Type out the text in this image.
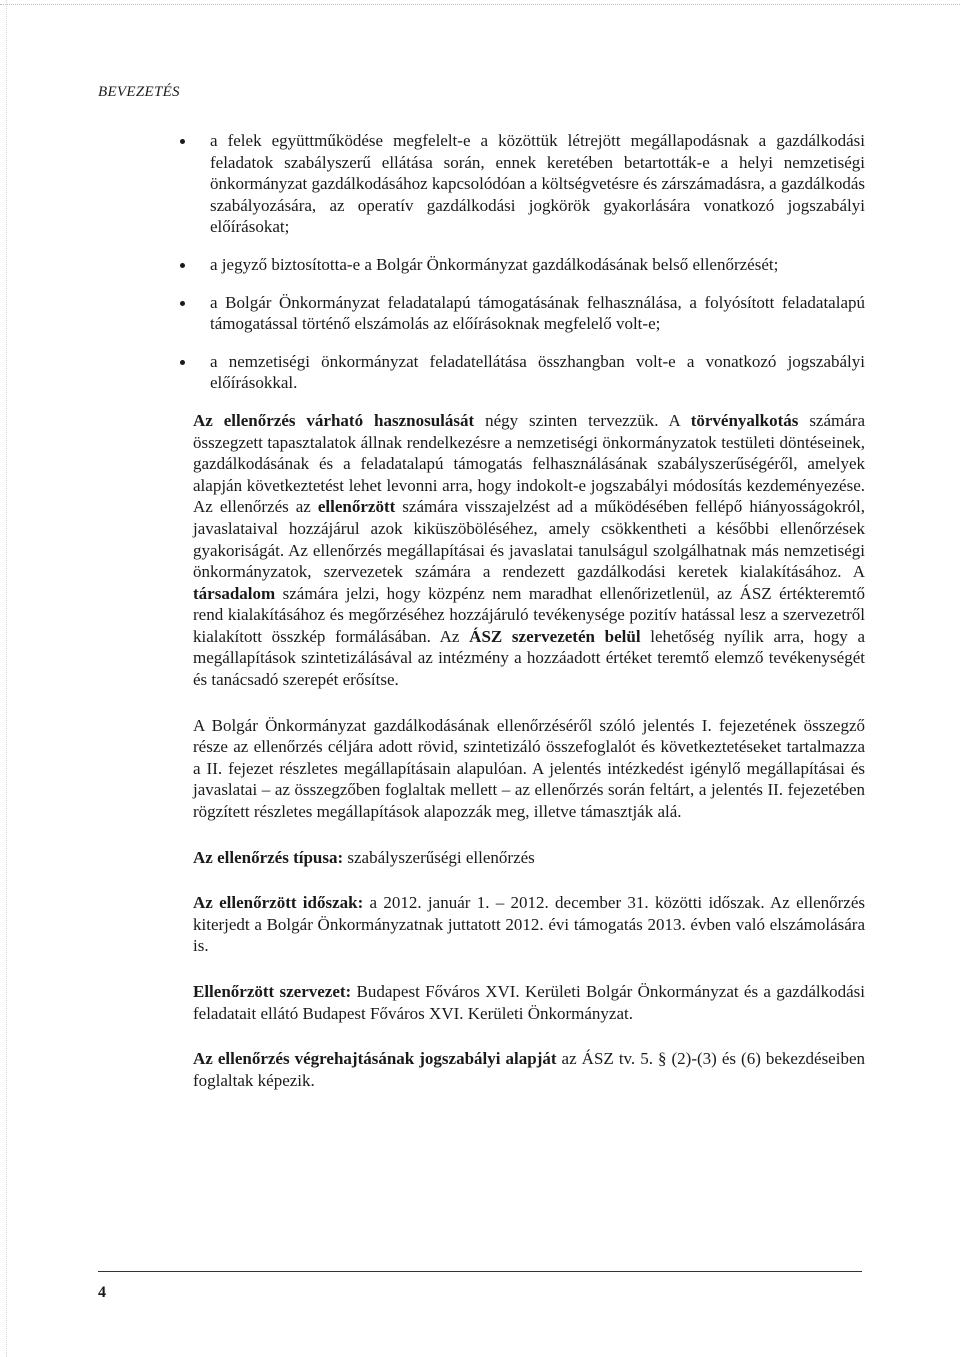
BEVEZETÉS
a felek együttműködése megfelelt-e a közöttük létrejött megállapodásnak a gazdálkodási feladatok szabályszerű ellátása során, ennek keretében betartották-e a helyi nemzetiségi önkormányzat gazdálkodásához kapcsolódóan a költségvetésre és zárszámadásra, a gazdálkodás szabályozására, az operatív gazdálkodási jogkörök gyakorlására vonatkozó jogszabályi előírásokat;
a jegyző biztosította-e a Bolgár Önkormányzat gazdálkodásának belső ellenőrzését;
a Bolgár Önkormányzat feladatalapú támogatásának felhasználása, a folyósított feladatalapú támogatással történő elszámolás az előírásoknak megfelelő volt-e;
a nemzetiségi önkormányzat feladatellátása összhangban volt-e a vonatkozó jogszabályi előírásokkal.

Az ellenőrzés várható hasznosulását négy szinten tervezzük. A törvényalkotás számára összegzett tapasztalatok állnak rendelkezésre a nemzetiségi önkormányzatok testületi döntéseinek, gazdálkodásának és a feladatalapú támogatás felhasználásának szabályszerűségéről, amelyek alapján következtetést lehet levonni arra, hogy indokolt-e jogszabályi módosítás kezdeményezése. Az ellenőrzés az ellenőrzött számára visszajelzést ad a működésében fellépő hiányosságokról, javaslataival hozzájárul azok kiküszöböléséhez, amely csökkentheti a későbbi ellenőrzések gyakoriságát. Az ellenőrzés megállapításai és javaslatai tanulságul szolgálhatnak más nemzetiségi önkormányzatok, szervezetek számára a rendezett gazdálkodási keretek kialakításához. A társadalom számára jelzi, hogy közpénz nem maradhat ellenőrizetlenül, az ÁSZ értékteremtő rend kialakításához és megőrzéséhez hozzájáruló tevékenysége pozitív hatással lesz a szervezetről kialakított összkép formálásában. Az ÁSZ szervezetén belül lehetőség nyílik arra, hogy a megállapítások szintetizálásával az intézmény a hozzáadott értéket teremtő elemző tevékenységét és tanácsadó szerepét erősítse.

A Bolgár Önkormányzat gazdálkodásának ellenőrzéséről szóló jelentés I. fejezetének összegző része az ellenőrzés céljára adott rövid, szintetizáló összefoglalót és következtetéseket tartalmazza a II. fejezet részletes megállapításain alapulóan. A jelentés intézkedést igénylő megállapításai és javaslatai – az összegzőben foglaltak mellett – az ellenőrzés során feltárt, a jelentés II. fejezetében rögzített részletes megállapítások alapozzák meg, illetve támasztják alá.

Az ellenőrzés típusa: szabályszerűségi ellenőrzés

Az ellenőrzött időszak: a 2012. január 1. – 2012. december 31. közötti időszak. Az ellenőrzés kiterjedt a Bolgár Önkormányzatnak juttatott 2012. évi támogatás 2013. évben való elszámolására is.

Ellenőrzött szervezet: Budapest Főváros XVI. Kerületi Bolgár Önkormányzat és a gazdálkodási feladatait ellátó Budapest Főváros XVI. Kerületi Önkormányzat.

Az ellenőrzés végrehajtásának jogszabályi alapját az ÁSZ tv. 5. § (2)-(3) és (6) bekezdéseiben foglaltak képezik.

4
